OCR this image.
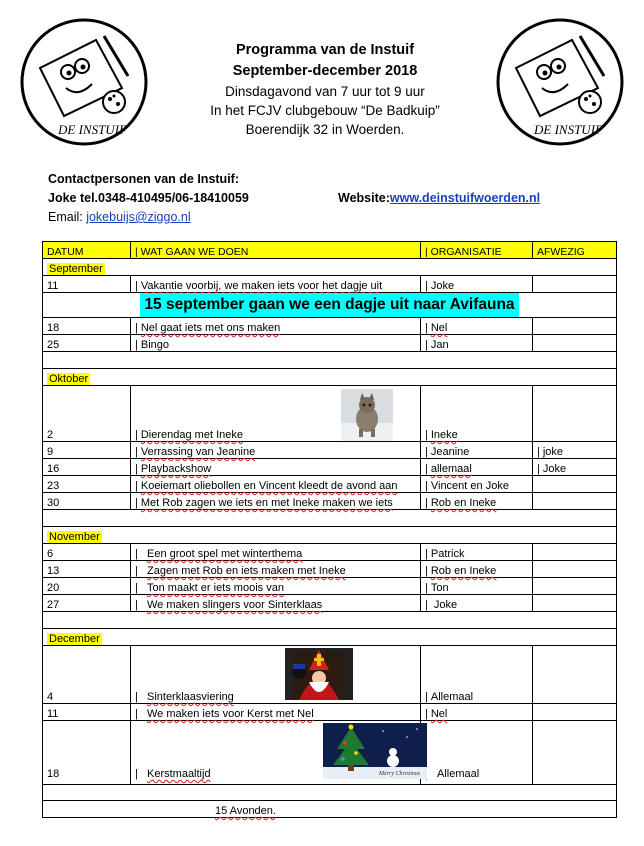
DE INSTUIF	DE INSTUIF
Programma van de Instuif
September-december 2018
Dinsdagavond van 7 uur tot 9 uur
In het FCJV clubgebouw “De Badkuip”
Boerendijk 32 in Woerden.
Contactpersonen van de Instuif:
Joke tel.0348-410495/06-18410059	Website:www.deinstuifwoerden.nl
Email: jokebuijs@ziggo.nl
DATUM	| WAT GAAN WE DOEN	| ORGANISATIE	AFWEZIG
September			
11	| Vakantie voorbij, we maken iets voor het dagje uit	| Joke	
15 september gaan we een dagje uit naar Avifauna			
18	| Nel gaat iets met ons maken	| Nel	
25	| Bingo	| Jan	

Oktober			
2	| Dierendag met Ineke	| Ineke	
9	| Verrassing van Jeanine	| Jeanine	| joke
16	| Playbackshow	| allemaal	| Joke
23	| Koeiemart oliebollen en Vincent kleedt de avond aan	| Vincent en Joke	
30	| Met Rob zagen we iets en met Ineke maken we iets	| Rob en Ineke	

November			
6	| Een groot spel met winterthema	| Patrick	
13	| Zagen met Rob en iets maken met Ineke	| Rob en Ineke	
20	| Ton maakt er iets moois van	| Ton	
27	| We maken slingers voor Sinterklaas	| Joke	

December			
4	| Sinterklaasviering	| Allemaal	
11	| We maken iets voor Kerst met Nel	| Nel	
18	| Kerstmaaltijd Merry Christmas	Allemaal	

15 Avonden.			
